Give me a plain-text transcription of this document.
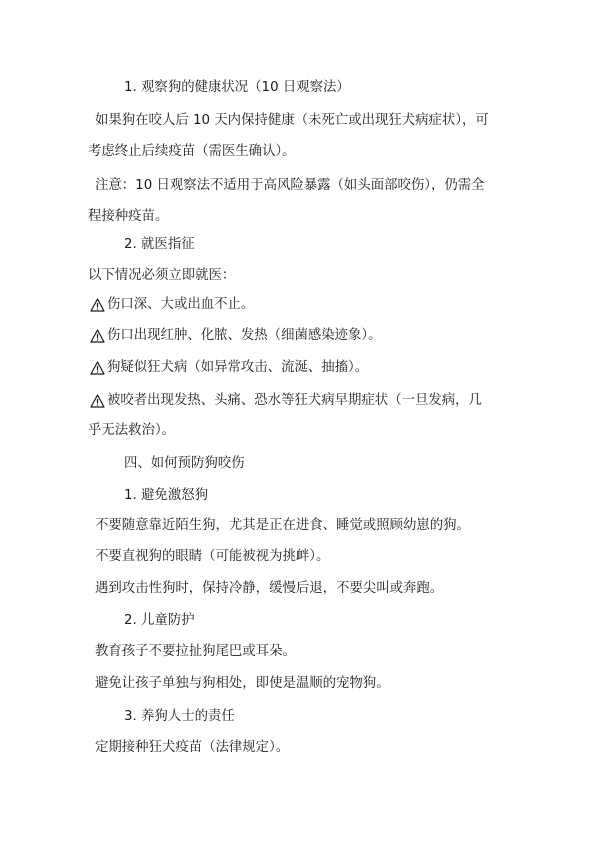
1. 观察狗的健康状况（10 日观察法）
如果狗在咬人后 10 天内保持健康（未死亡或出现狂犬病症状），可
考虑终止后续疫苗（需医生确认）。
注意：10 日观察法不适用于高风险暴露（如头面部咬伤），仍需全
程接种疫苗。
2. 就医指征
以下情况必须立即就医：
伤口深、大或出血不止。
伤口出现红肿、化脓、发热（细菌感染迹象）。
狗疑似狂犬病（如异常攻击、流涎、抽搐）。
被咬者出现发热、头痛、恐水等狂犬病早期症状（一旦发病，几
乎无法救治）。
四、如何预防狗咬伤
1. 避免激怒狗
不要随意靠近陌生狗，尤其是正在进食、睡觉或照顾幼崽的狗。
不要直视狗的眼睛（可能被视为挑衅）。
遇到攻击性狗时，保持冷静，缓慢后退，不要尖叫或奔跑。
2. 儿童防护
教育孩子不要拉扯狗尾巴或耳朵。
避免让孩子单独与狗相处，即使是温顺的宠物狗。
3. 养狗人士的责任
定期接种狂犬疫苗（法律规定）。
